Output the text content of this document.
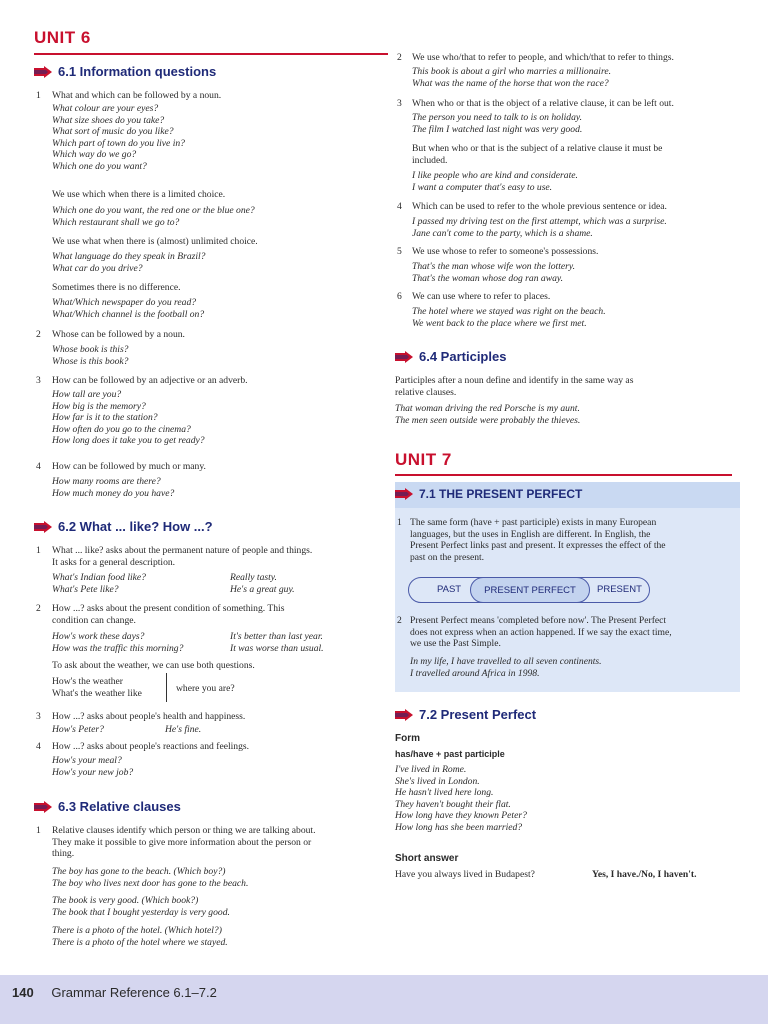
UNIT 6
6.1 Information questions
1 What and which can be followed by a noun.
What colour are your eyes?
What size shoes do you take?
What sort of music do you like?
Which part of town do you live in?
Which way do we go?
Which one do you want?
We use which when there is a limited choice.
Which one do you want, the red one or the blue one?
Which restaurant shall we go to?
We use what when there is (almost) unlimited choice.
What language do they speak in Brazil?
What car do you drive?
Sometimes there is no difference.
What/Which newspaper do you read?
What/Which channel is the football on?
2 Whose can be followed by a noun.
Whose book is this?
Whose is this book?
3 How can be followed by an adjective or an adverb.
How tall are you?
How big is the memory?
How far is it to the station?
How often do you go to the cinema?
How long does it take you to get ready?
4 How can be followed by much or many.
How many rooms are there?
How much money do you have?
6.2 What ... like? How ...?
1 What ... like? asks about the permanent nature of people and things.
It asks for a general description.
What's Indian food like?	Really tasty.
What's Pete like?	He's a great guy.
2 How ...? asks about the present condition of something. This
condition can change.
How's work these days?	It's better than last year.
How was the traffic this morning?	It was worse than usual.
To ask about the weather, we can use both questions.
How's the weather
What's the weather like	where you are?
3 How ...? asks about people's health and happiness.
How's Peter?	He's fine.
4 How ...? asks about people's reactions and feelings.
How's your meal?
How's your new job?
6.3 Relative clauses
1 Relative clauses identify which person or thing we are talking about.
They make it possible to give more information about the person or
thing.
The boy has gone to the beach. (Which boy?)
The boy who lives next door has gone to the beach.
The book is very good. (Which book?)
The book that I bought yesterday is very good.
There is a photo of the hotel. (Which hotel?)
There is a photo of the hotel where we stayed.
2 We use who/that to refer to people, and which/that to refer to things.
This book is about a girl who marries a millionaire.
What was the name of the horse that won the race?
3 When who or that is the object of a relative clause, it can be left out.
The person you need to talk to is on holiday.
The film I watched last night was very good.
But when who or that is the subject of a relative clause it must be
included.
I like people who are kind and considerate.
I want a computer that's easy to use.
4 Which can be used to refer to the whole previous sentence or idea.
I passed my driving test on the first attempt, which was a surprise.
Jane can't come to the party, which is a shame.
5 We use whose to refer to someone's possessions.
That's the man whose wife won the lottery.
That's the woman whose dog ran away.
6 We can use where to refer to places.
The hotel where we stayed was right on the beach.
We went back to the place where we first met.
6.4 Participles
Participles after a noun define and identify in the same way as
relative clauses.
That woman driving the red Porsche is my aunt.
The men seen outside were probably the thieves.
UNIT 7
7.1 THE PRESENT PERFECT
1 The same form (have + past participle) exists in many European
languages, but the uses in English are different. In English, the
Present Perfect links past and present. It expresses the effect of the
past on the present.
PAST PRESENT PERFECT PRESENT
2 Present Perfect means 'completed before now'. The Present Perfect
does not express when an action happened. If we say the exact time,
we use the Past Simple.
In my life, I have travelled to all seven continents.
I travelled around Africa in 1998.
7.2 Present Perfect
Form
has/have + past participle
I've lived in Rome.
She's lived in London.
He hasn't lived here long.
They haven't bought their flat.
How long have they known Peter?
How long has she been married?
Short answer
Have you always lived in Budapest?	Yes, I have./No, I haven't.
140 Grammar Reference 6.1–7.2
